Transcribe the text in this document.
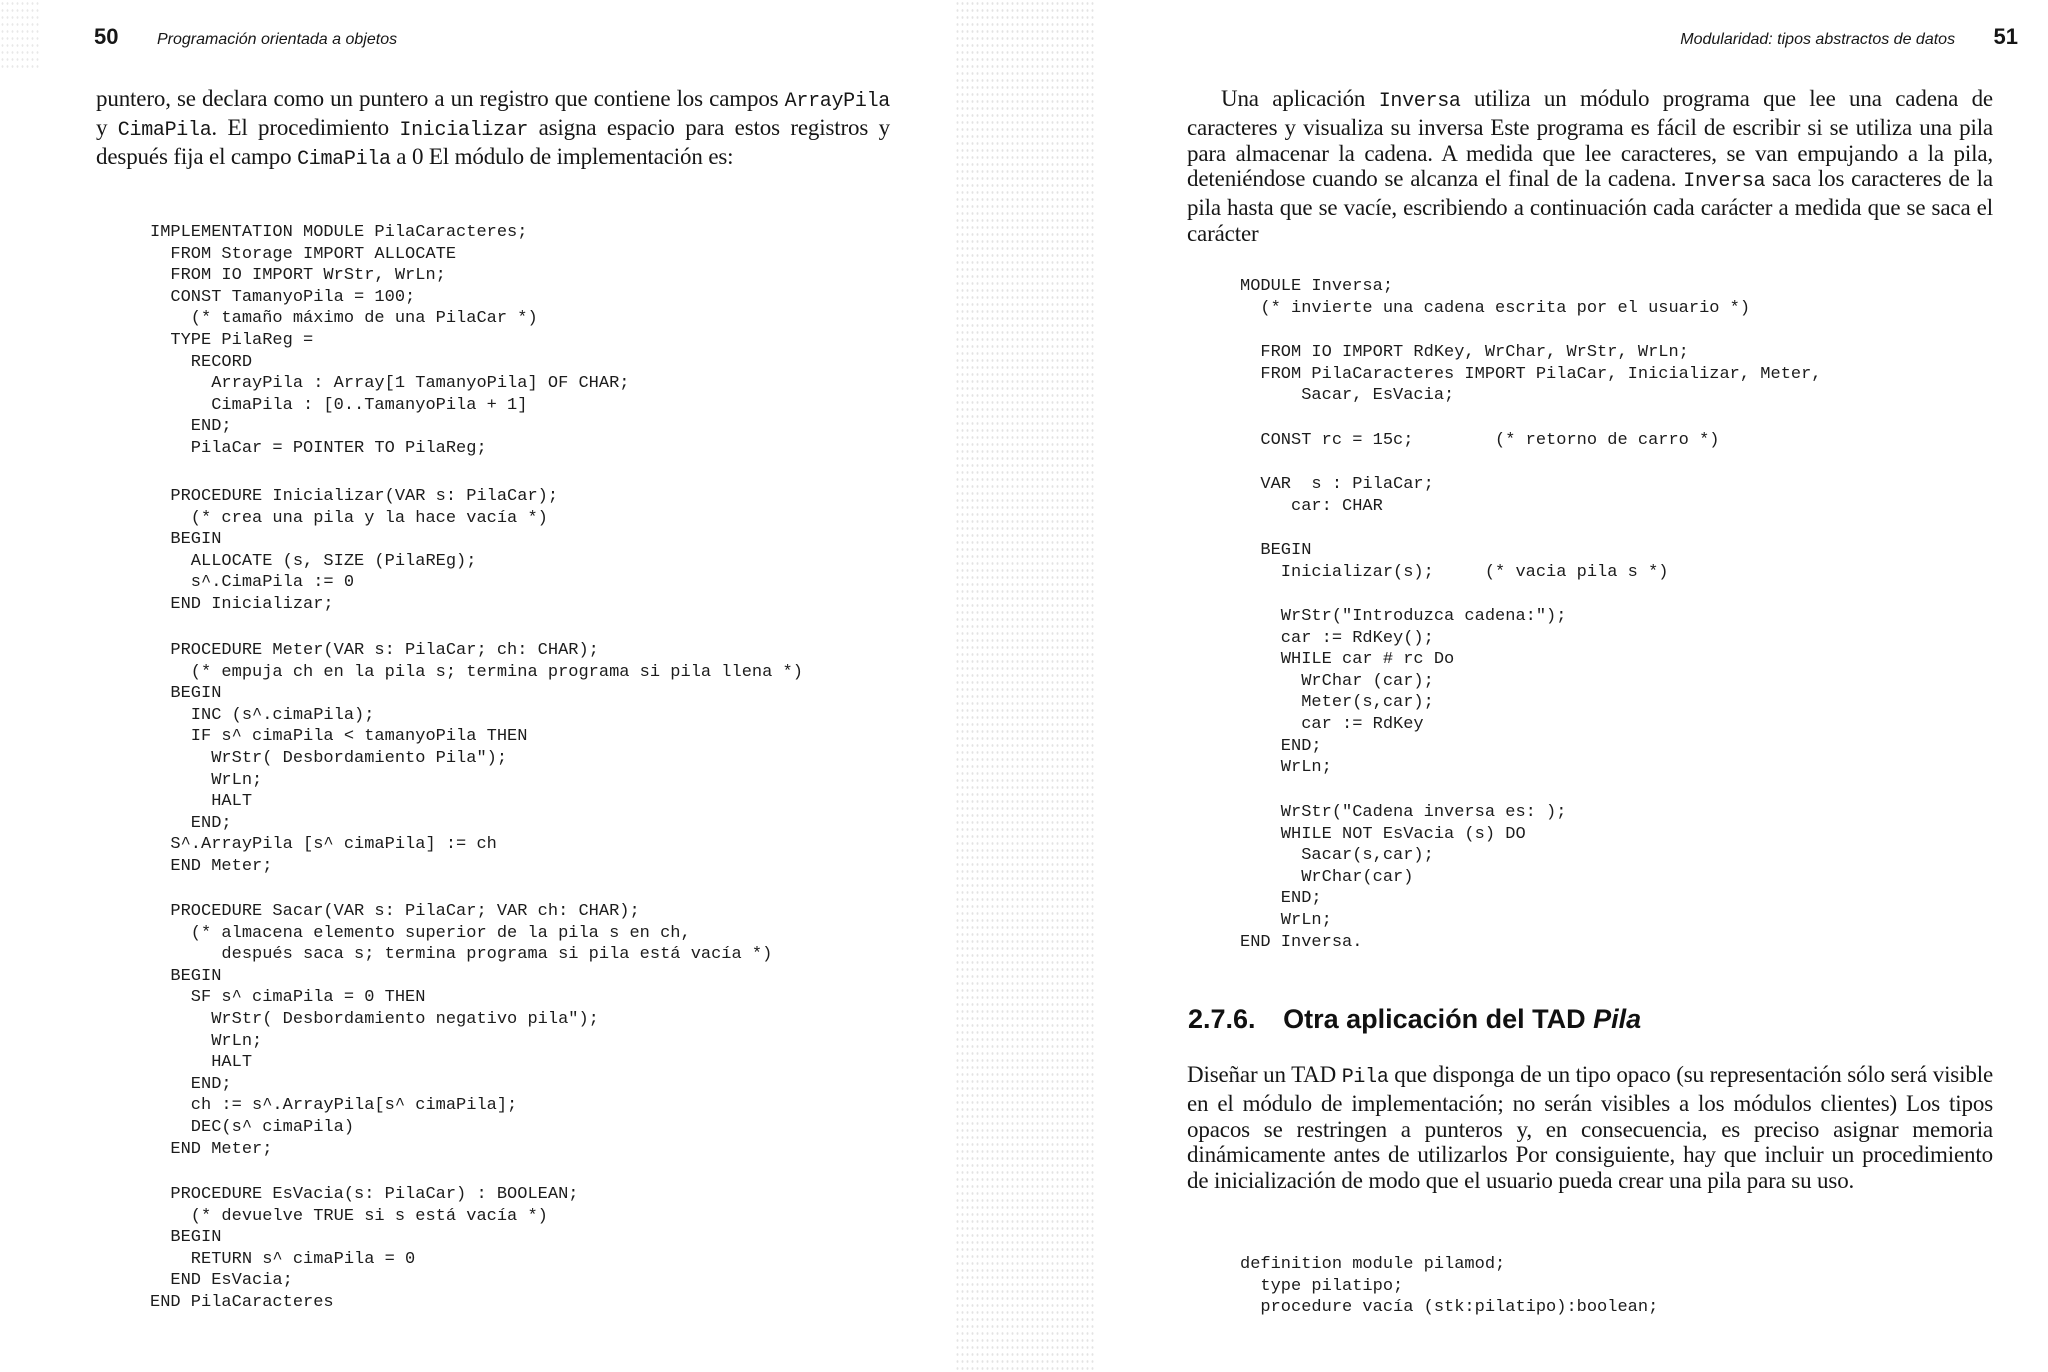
50 Programación orientada a objetos

puntero, se declara como un puntero a un registro que contiene los campos ArrayPila y CimaPila. El procedimiento Inicializar asigna espacio para estos registros y después fija el campo CimaPila a 0 El módulo de implementación es:

IMPLEMENTATION MODULE PilaCaracteres;
FROM Storage IMPORT ALLOCATE
FROM IO IMPORT WrStr, WrLn;
CONST TamanyoPila = 100;
(* tamaño máximo de una PilaCar *)
TYPE PilaReg =
RECORD
ArrayPila : Array[1 TamanyoPila] OF CHAR;
CimaPila : [0..TamanyoPila + 1]
END;
PilaCar = POINTER TO PilaReg;
PROCEDURE Inicializar(VAR s: PilaCar);
(* crea una pila y la hace vacía *)
BEGIN
ALLOCATE (s, SIZE (PilaREg);
s^.CimaPila := 0
END Inicializar;
PROCEDURE Meter(VAR s: PilaCar; ch: CHAR);
(* empuja ch en la pila s; termina programa si pila llena *)
BEGIN
INC (s^.cimaPila);
IF s^ cimaPila < tamanyoPila THEN
WrStr( Desbordamiento Pila");
WrLn;
HALT
END;
S^.ArrayPila [s^ cimaPila] := ch
END Meter;
PROCEDURE Sacar(VAR s: PilaCar; VAR ch: CHAR);
(* almacena elemento superior de la pila s en ch,
después saca s; termina programa si pila está vacía *)
BEGIN
SF s^ cimaPila = 0 THEN
WrStr( Desbordamiento negativo pila");
WrLn;
HALT
END;
ch := s^.ArrayPila[s^ cimaPila];
DEC(s^ cimaPila)
END Meter;
PROCEDURE EsVacia(s: PilaCar) : BOOLEAN;
(* devuelve TRUE si s está vacía *)
BEGIN
RETURN s^ cimaPila = 0
END EsVacia;
END PilaCaracteres
Modularidad: tipos abstractos de datos 51

Una aplicación Inversa utiliza un módulo programa que lee una cadena de caracteres y visualiza su inversa Este programa es fácil de escribir si se utiliza una pila para almacenar la cadena. A medida que lee caracteres, se van empujando a la pila, deteniéndose cuando se alcanza el final de la cadena. Inversa saca los caracteres de la pila hasta que se vacíe, escribiendo a continuación cada carácter a medida que se saca el carácter

MODULE Inversa;
(* invierte una cadena escrita por el usuario *)
FROM IO IMPORT RdKey, WrChar, WrStr, WrLn;
FROM PilaCaracteres IMPORT PilaCar, Inicializar, Meter,
Sacar, EsVacia;
CONST rc = 15c;        (* retorno de carro *)
VAR  s : PilaCar;
car: CHAR
BEGIN
Inicializar(s);     (* vacia pila s *)
WrStr("Introduzca cadena:");
car := RdKey();
WHILE car # rc Do
WrChar (car);
Meter(s,car);
car := RdKey
END;
WrLn;
WrStr("Cadena inversa es: );
WHILE NOT EsVacia (s) DO
Sacar(s,car);
WrChar(car)
END;
WrLn;
END Inversa.
2.7.6. Otra aplicación del TAD Pila

Diseñar un TAD Pila que disponga de un tipo opaco (su representación sólo será visible en el módulo de implementación; no serán visibles a los módulos clientes) Los tipos opacos se restringen a punteros y, en consecuencia, es preciso asignar memoria dinámicamente antes de utilizarlos Por consiguiente, hay que incluir un procedimiento de inicialización de modo que el usuario pueda crear una pila para su uso.

definition module pilamod;
type pilatipo;
procedure vacía (stk:pilatipo):boolean;
